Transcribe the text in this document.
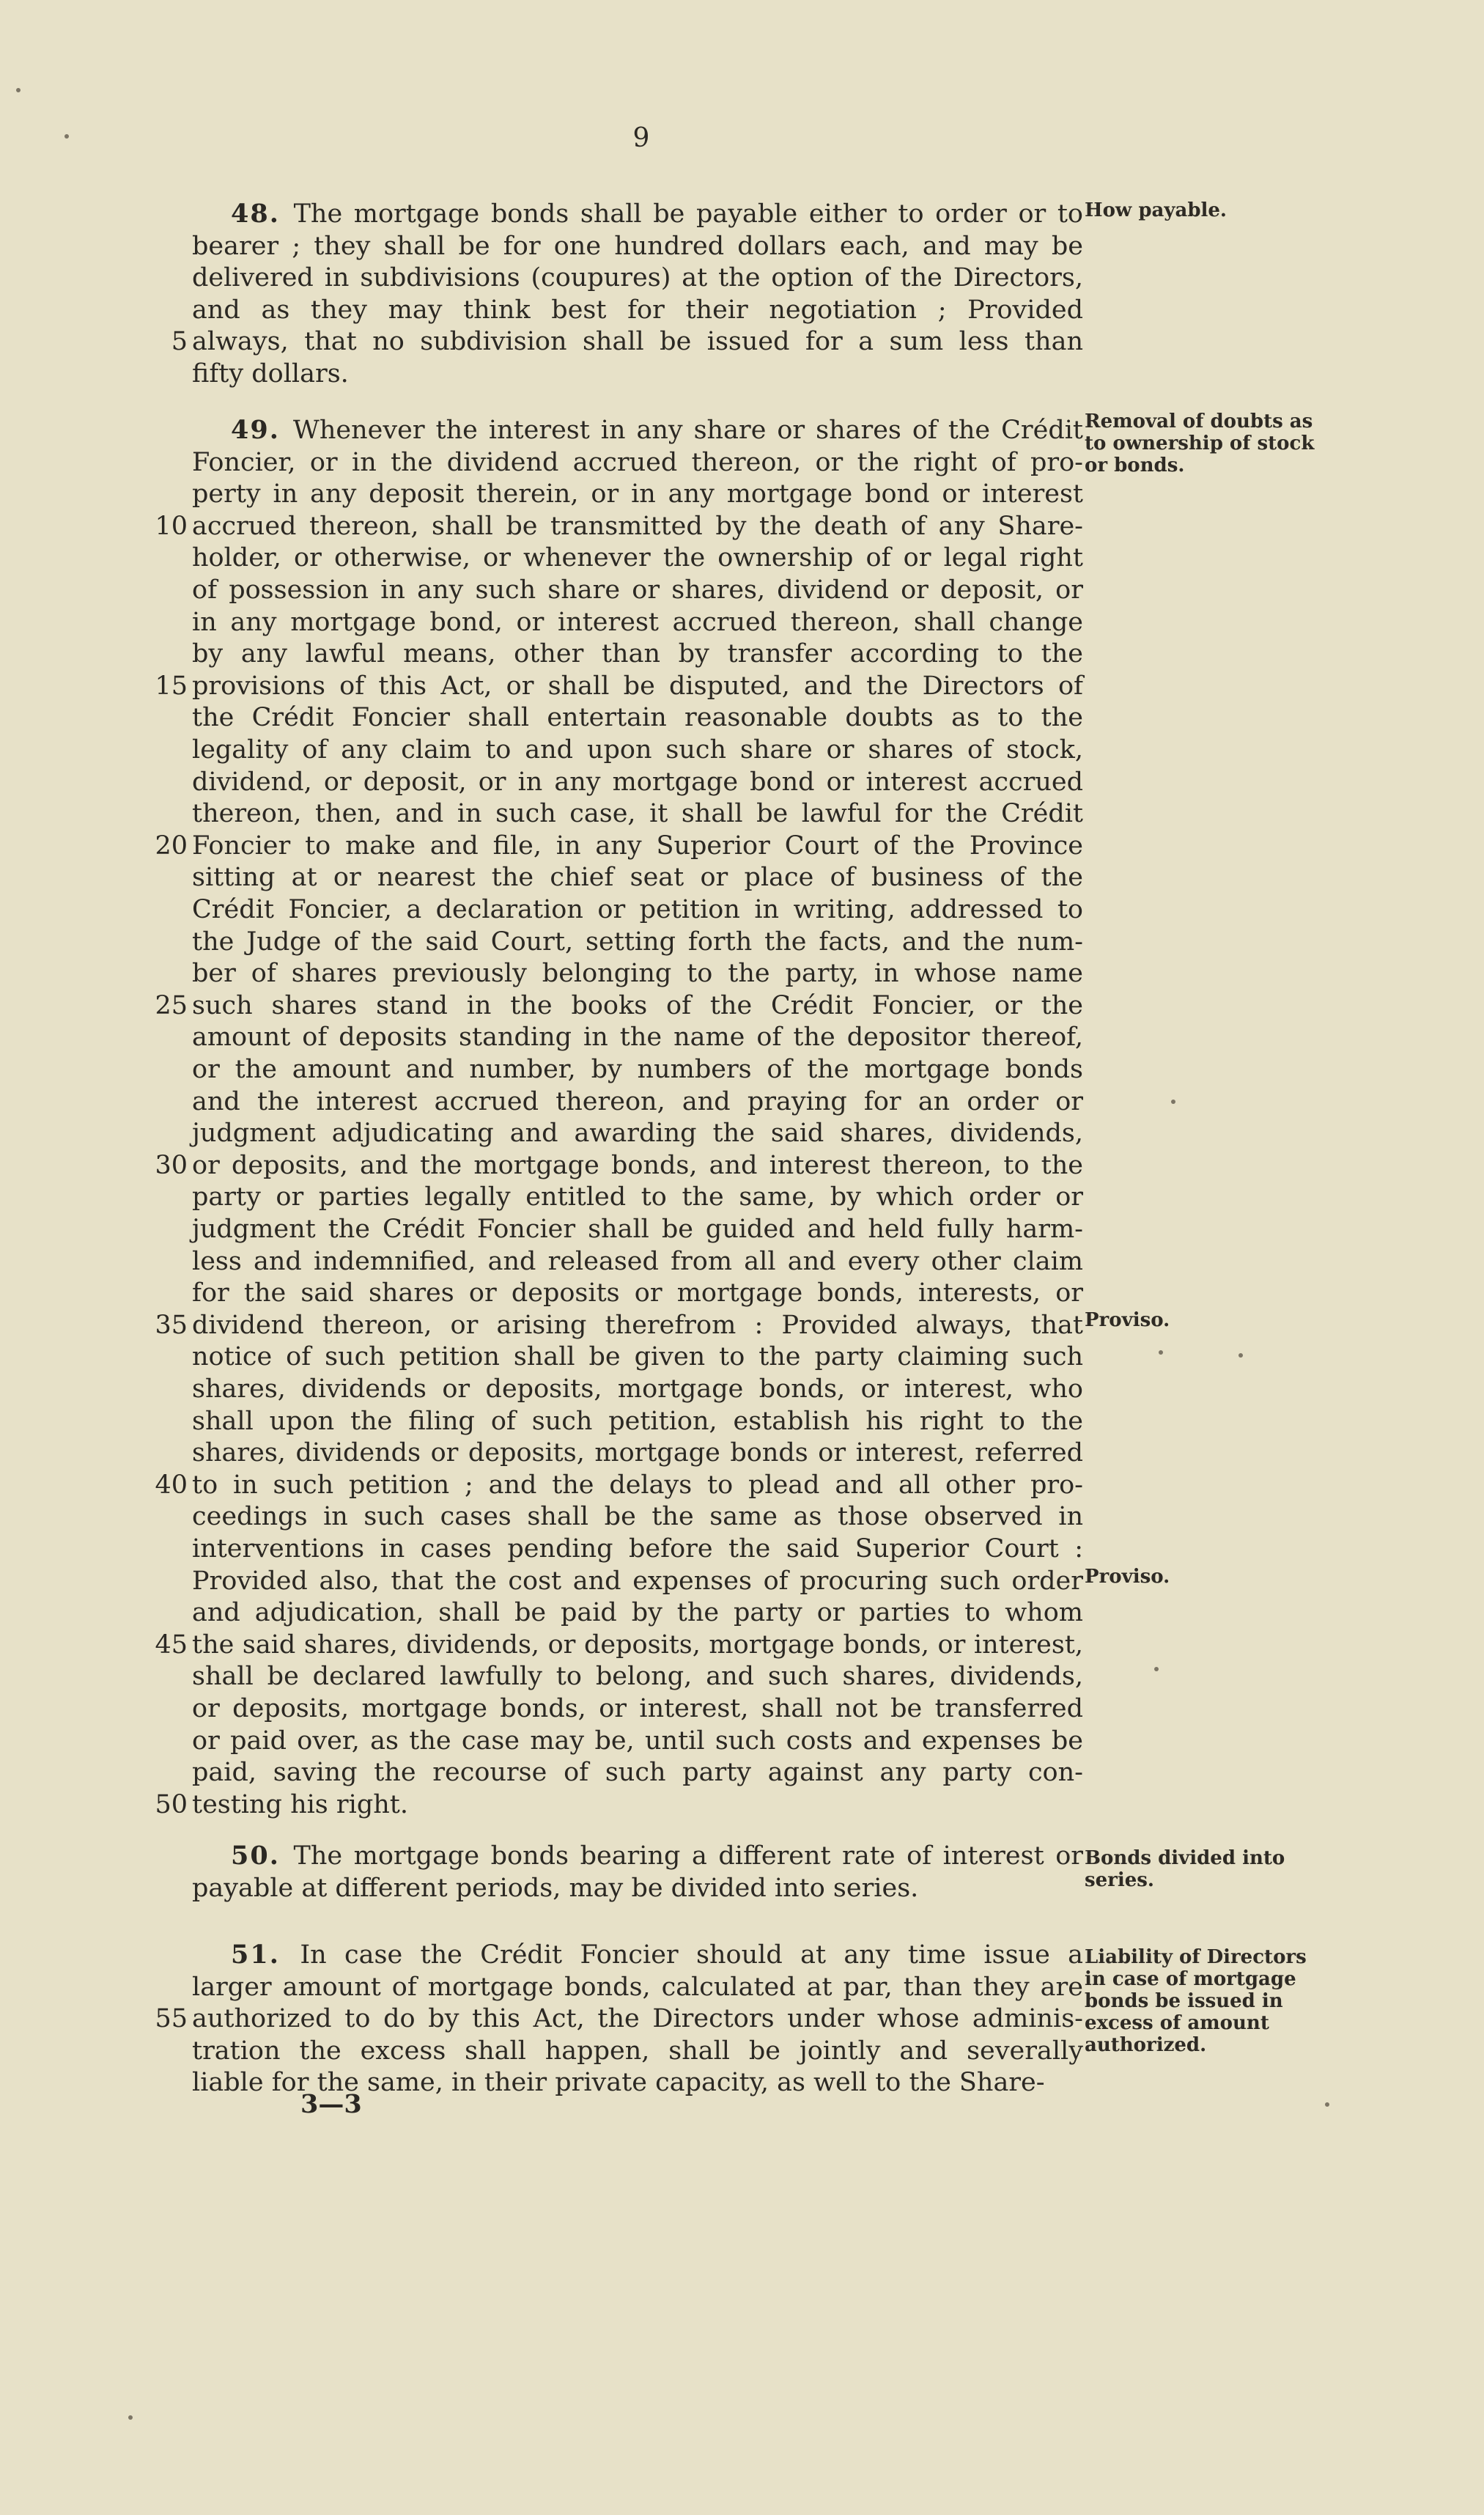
9
48. The mortgage bonds shall be payable either to order or to
bearer ; they shall be for one hundred dollars each, and may be
delivered in subdivisions (coupures) at the option of the Directors,
and as they may think best for their negotiation ; Provided
always, that no subdivision shall be issued for a sum less than
5
fifty dollars.
How payable.
49. Whenever the interest in any share or shares of the Crédit
Foncier, or in the dividend accrued thereon, or the right of pro-
perty in any deposit therein, or in any mortgage bond or interest
accrued thereon, shall be transmitted by the death of any Share-
10
holder, or otherwise, or whenever the ownership of or legal right
of possession in any such share or shares, dividend or deposit, or
in any mortgage bond, or interest accrued thereon, shall change
by any lawful means, other than by transfer according to the
provisions of this Act, or shall be disputed, and the Directors of
15
the Crédit Foncier shall entertain reasonable doubts as to the
legality of any claim to and upon such share or shares of stock,
dividend, or deposit, or in any mortgage bond or interest accrued
thereon, then, and in such case, it shall be lawful for the Crédit
Foncier to make and file, in any Superior Court of the Province
20
sitting at or nearest the chief seat or place of business of the
Crédit Foncier, a declaration or petition in writing, addressed to
the Judge of the said Court, setting forth the facts, and the num-
ber of shares previously belonging to the party, in whose name
such shares stand in the books of the Crédit Foncier, or the
25
amount of deposits standing in the name of the depositor thereof,
or the amount and number, by numbers of the mortgage bonds
and the interest accrued thereon, and praying for an order or
judgment adjudicating and awarding the said shares, dividends,
or deposits, and the mortgage bonds, and interest thereon, to the
30
party or parties legally entitled to the same, by which order or
judgment the Crédit Foncier shall be guided and held fully harm-
less and indemnified, and released from all and every other claim
for the said shares or deposits or mortgage bonds, interests, or
dividend thereon, or arising therefrom : Provided always, that
35
notice of such petition shall be given to the party claiming such
shares, dividends or deposits, mortgage bonds, or interest, who
shall upon the filing of such petition, establish his right to the
shares, dividends or deposits, mortgage bonds or interest, referred
to in such petition ; and the delays to plead and all other pro-
40
ceedings in such cases shall be the same as those observed in
interventions in cases pending before the said Superior Court :
Provided also, that the cost and expenses of procuring such order
and adjudication, shall be paid by the party or parties to whom
the said shares, dividends, or deposits, mortgage bonds, or interest,
45
shall be declared lawfully to belong, and such shares, dividends,
or deposits, mortgage bonds, or interest, shall not be transferred
or paid over, as the case may be, until such costs and expenses be
paid, saving the recourse of such party against any party con-
testing his right.
50
Removal of doubts as to ownership of stock or bonds.
Proviso.
Proviso.
50. The mortgage bonds bearing a different rate of interest or
payable at different periods, may be divided into series.
Bonds divided into series.
51. In case the Crédit Foncier should at any time issue a
larger amount of mortgage bonds, calculated at par, than they are
authorized to do by this Act, the Directors under whose adminis-
55
tration the excess shall happen, shall be jointly and severally
liable for the same, in their private capacity, as well to the Share-
Liability of Directors in case of mortgage bonds be issued in excess of amount authorized.
3—3
